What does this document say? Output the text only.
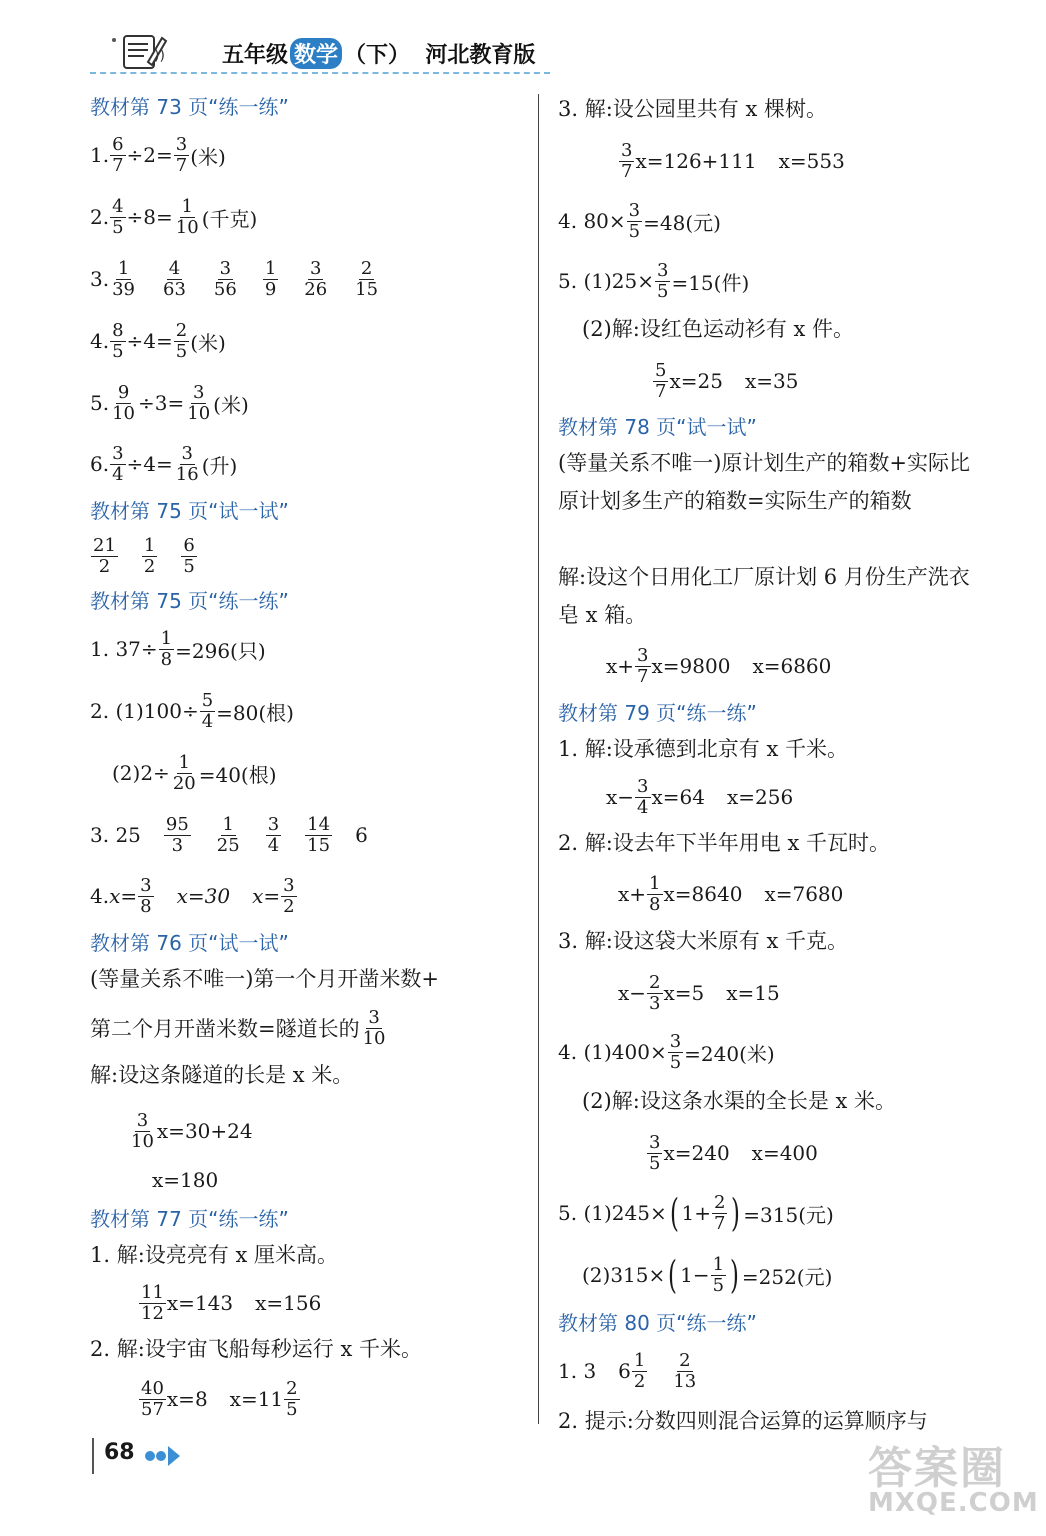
))	五年级 数学 （下） 河北教育版
教材第 73 页“练一练”
1. $\frac{6}{7} \div 2= \frac{3}{7}$ (米)
2. $\frac{4}{5} \div 8= \frac{1}{10}$ (千克)
3. 1
39
4
63
3
56
1
9
3
26
2
15
4. $\frac{8}{5} \div 4= \frac{2}{5}$ (米)
5. $\frac{9}{10} \div 3= \frac{3}{10}$ (米)
6. $\frac{3}{4} \div 4= \frac{3}{16}$ (升)
教材第 75 页“试一试”
21
2
1
2
6
5
教材第 75 页“练一练”
1. $37\div \frac{1}{8} =296$(只)
2. $(1)100\div \frac{5}{4} =80$(根)
$(2)2\div \frac{1}{20} =40$(根)
3. 25 95
3
1
25
3
4
14
15 6
4. $x= \frac{3}{8} x=30$ $x= \frac{3}{2}$
教材第 76 页“试一试”
(等量关系不唯一)第一个月开凿米数+
第二个月开凿米数=隧道长的 3
10
解:设这条隧道的长是 x 米。
3
10 x=30+24
x=180
教材第 77 页“练一练”
1. 解:设亮亮有 x 厘米高。
11
12 x=143 x=156
2. 解:设宇宙飞船每秒运行 x 千米。
40
57 x=8 x=11 2
5
3. 解:设公园里共有 x 棵树。
3
7 x=126+111 x=553
4. $80\times \frac{3}{5} =48$(元)
5. $(1)25\times \frac{3}{5} =15$(件)
(2)解:设红色运动衫有 x 件。
5
7 x=25 x=35
教材第 78 页“试一试”
(等量关系不唯一)原计划生产的箱数+实际比原计划多生产的箱数=实际生产的箱数
解:设这个日用化工厂原计划 6 月份生产洗衣皂 x 箱。
$x+ \frac{3}{7} x=9800$ x=6860
教材第 79 页“练一练”
1. 解:设承德到北京有 x 千米。
$x- \frac{3}{4} x=64$ x=256
2. 解:设去年下半年用电 x 千瓦时。
$x+ \frac{1}{8} x=8640$ x=7680
3. 解:设这袋大米原有 x 千克。
$x- \frac{2}{3} x=5$ x=15
4. $(1)400\times \frac{3}{5} =240$(米)
(2)解:设这条水渠的全长是 x 米。
3
5 x=240 x=400
5. (1)245× ( $1+ \frac{2}{7}$ ) =315(元)
(2)315× ( $1- \frac{1}{5}$ ) =252(元)
教材第 80 页“练一练”
1. 3 6 1
2
2
13
2. 提示:分数四则混合运算的运算顺序与
68	答案圈
MXQE.COM
